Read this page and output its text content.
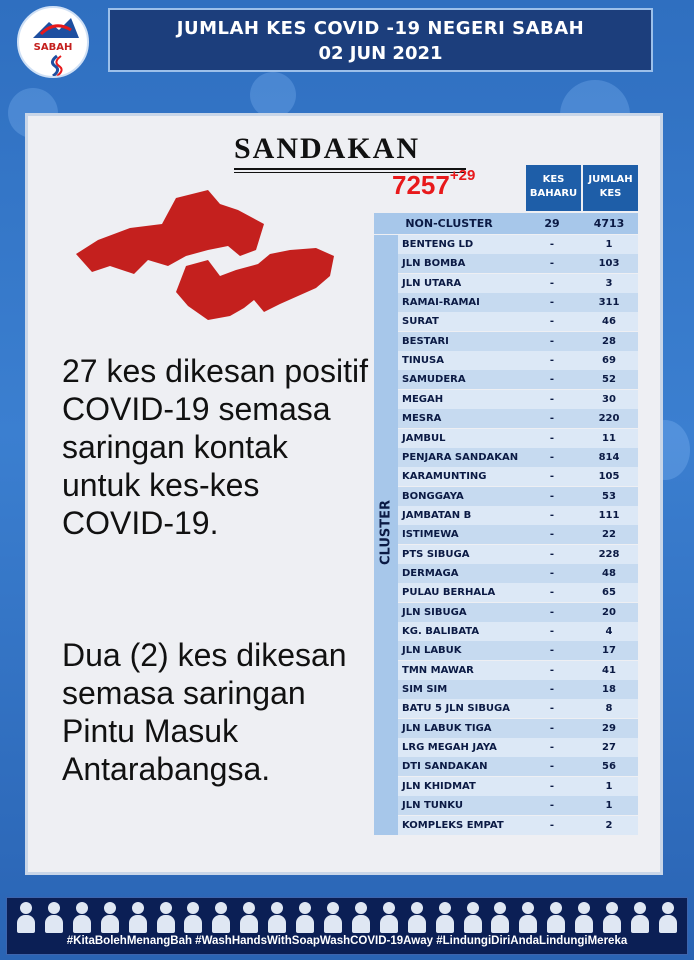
SABAH
JUMLAH KES COVID -19 NEGERI SABAH
02 JUN 2021
SANDAKAN
$7257^{+29}$
27 kes dikesan positif COVID-19 semasa saringan kontak untuk kes-kes COVID-19.
Dua (2) kes dikesan semasa saringan Pintu Masuk Antarabangsa.
KES BAHARU
JUMLAH KES
NON-CLUSTER	29	4713
CLUSTER
BENTENG LD	-	1
JLN BOMBA	-	103
JLN UTARA	-	3
RAMAI-RAMAI	-	311
SURAT	-	46
BESTARI	-	28
TINUSA	-	69
SAMUDERA	-	52
MEGAH	-	30
MESRA	-	220
JAMBUL	-	11
PENJARA SANDAKAN	-	814
KARAMUNTING	-	105
BONGGAYA	-	53
JAMBATAN B	-	111
ISTIMEWA	-	22
PTS SIBUGA	-	228
DERMAGA	-	48
PULAU BERHALA	-	65
JLN SIBUGA	-	20
KG. BALIBATA	-	4
JLN LABUK	-	17
TMN MAWAR	-	41
SIM SIM	-	18
BATU 5 JLN SIBUGA	-	8
JLN LABUK TIGA	-	29
LRG MEGAH JAYA	-	27
DTI SANDAKAN	-	56
JLN KHIDMAT	-	1
JLN TUNKU	-	1
KOMPLEKS EMPAT	-	2
#KitaBolehMenangBah #WashHandsWithSoapWashCOVID-19Away #LindungiDiriAndaLindungiMereka
